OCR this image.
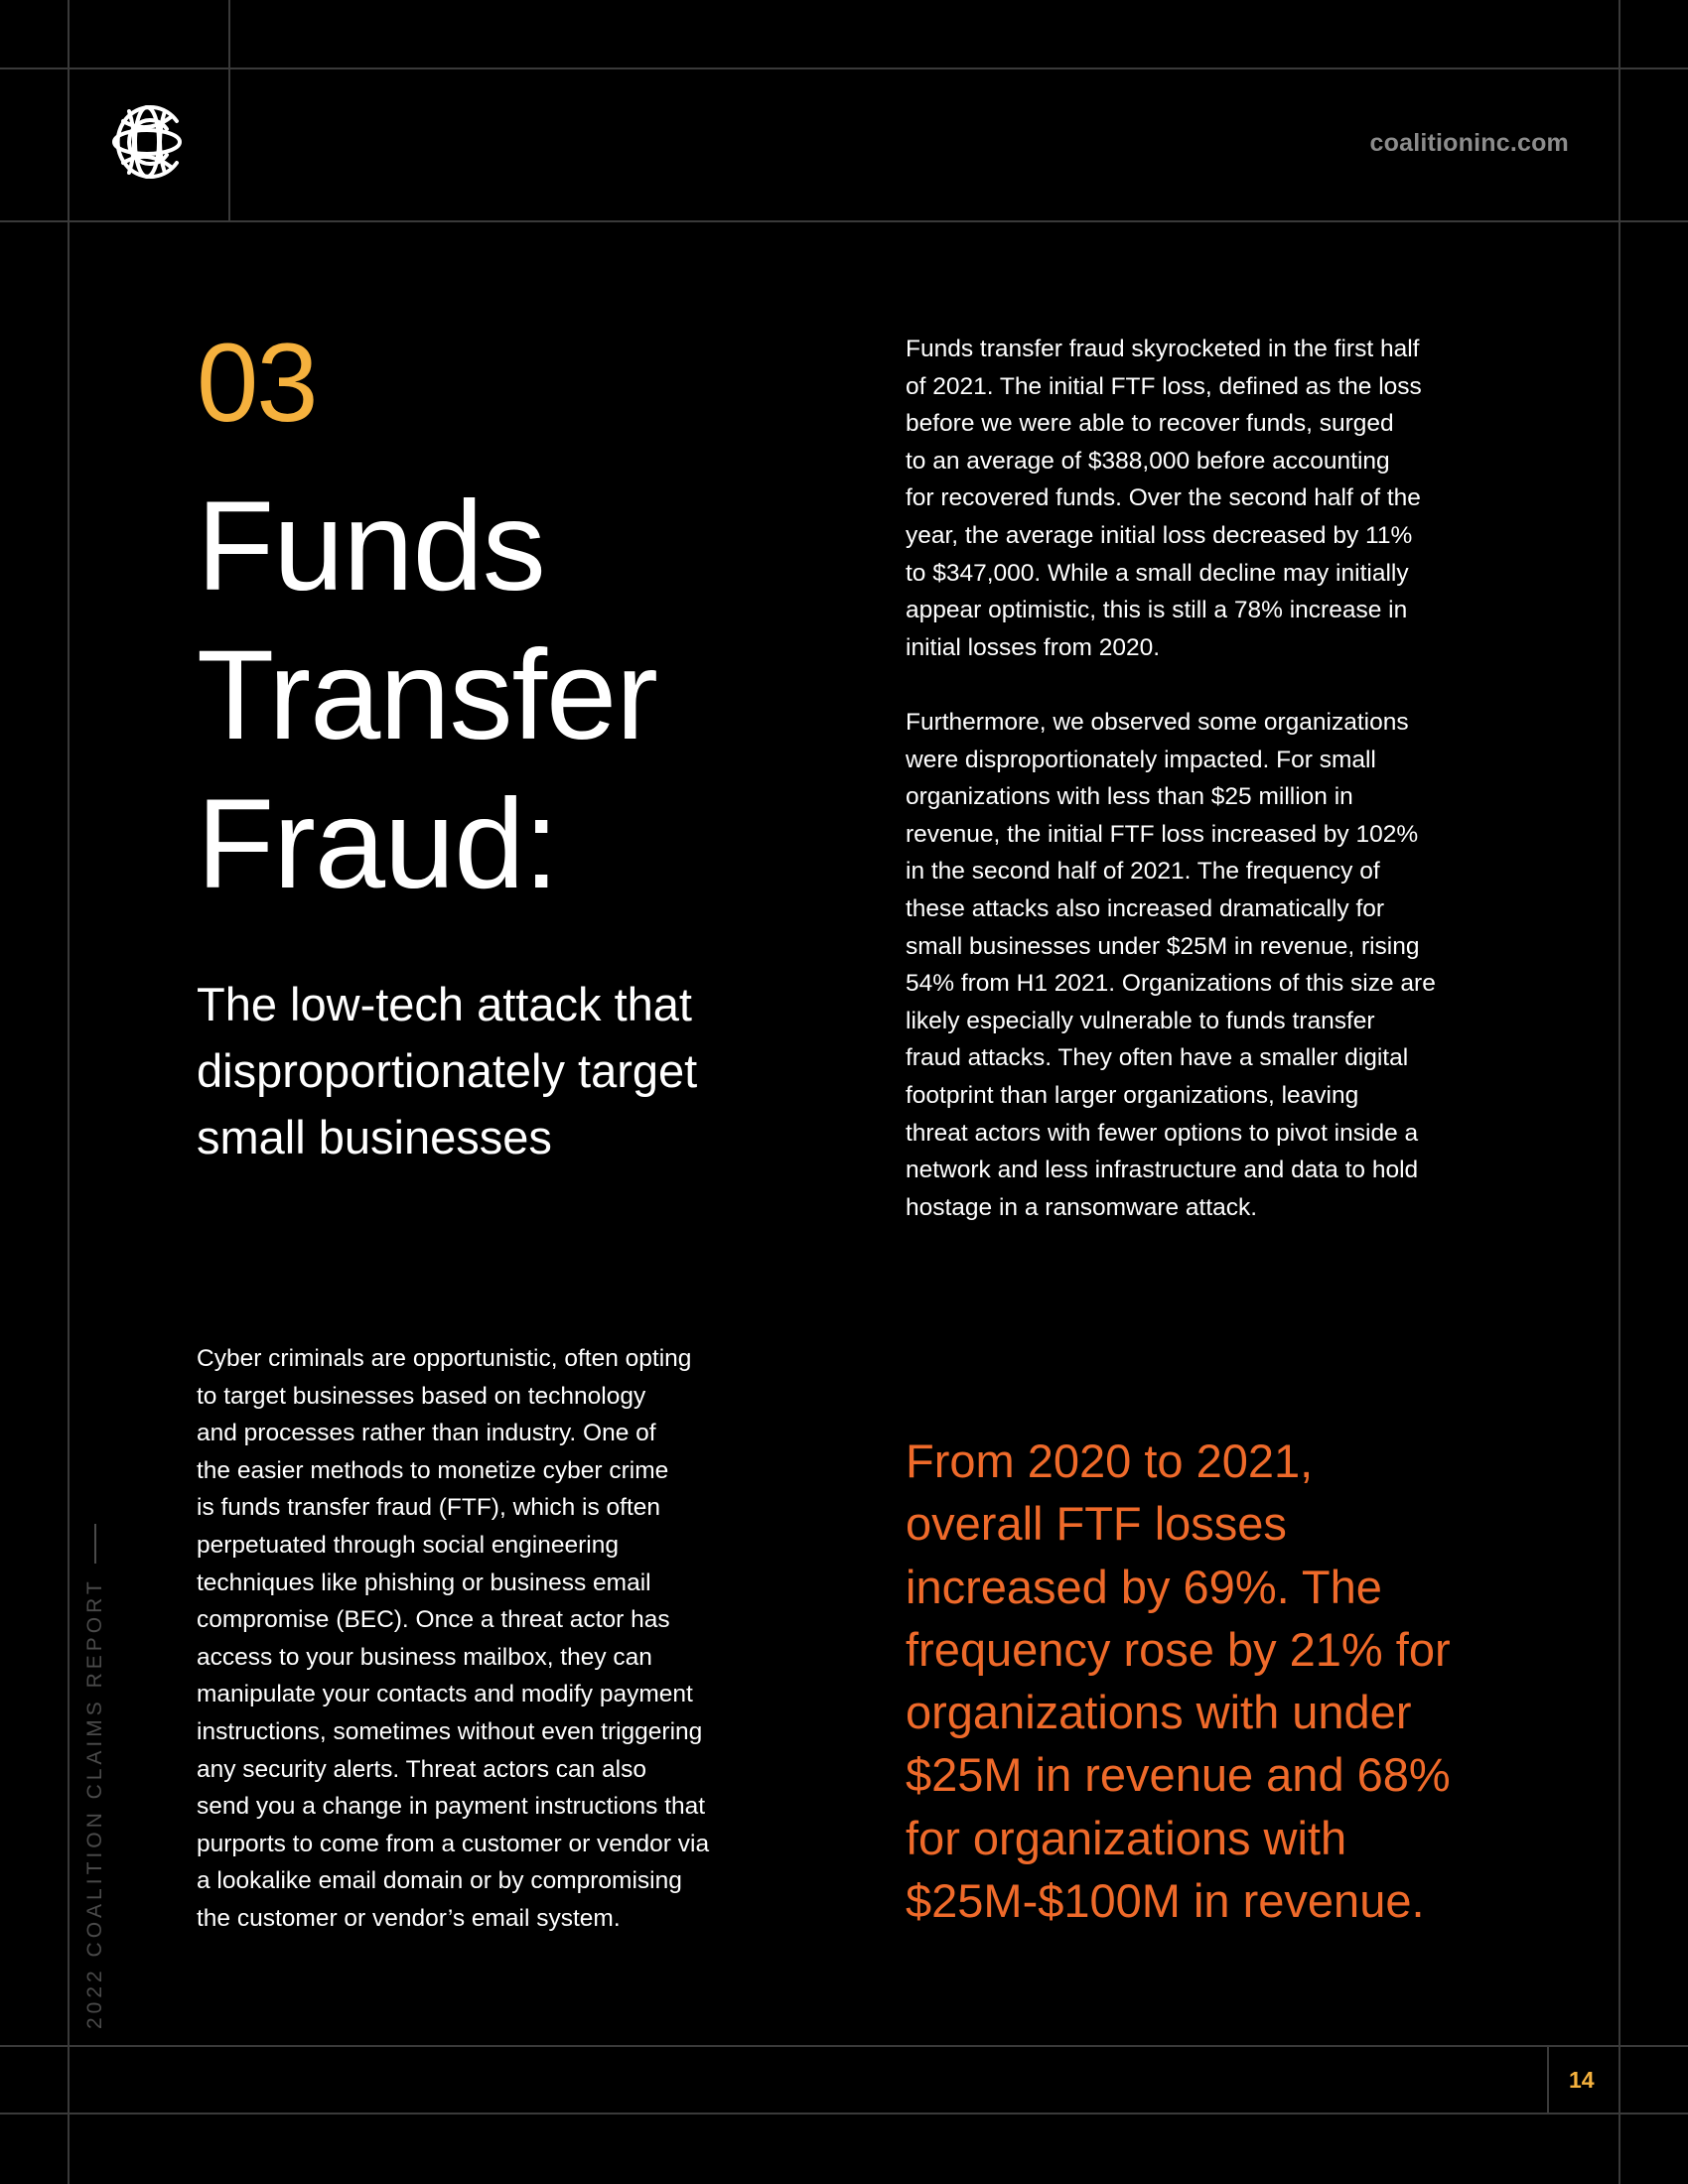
coalitioninc.com
03
Funds
Transfer
Fraud:
The low-tech attack that
disproportionately target
small businesses
Funds transfer fraud skyrocketed in the first half
of 2021. The initial FTF loss, defined as the loss
before we were able to recover funds, surged
to an average of $388,000 before accounting
for recovered funds. Over the second half of the
year, the average initial loss decreased by 11%
to $347,000. While a small decline may initially
appear optimistic, this is still a 78% increase in
initial losses from 2020.
Furthermore, we observed some organizations
were disproportionately impacted. For small
organizations with less than $25 million in
revenue, the initial FTF loss increased by 102%
in the second half of 2021. The frequency of
these attacks also increased dramatically for
small businesses under $25M in revenue, rising
54% from H1 2021. Organizations of this size are
likely especially vulnerable to funds transfer
fraud attacks. They often have a smaller digital
footprint than larger organizations, leaving
threat actors with fewer options to pivot inside a
network and less infrastructure and data to hold
hostage in a ransomware attack.
Cyber criminals are opportunistic, often opting
to target businesses based on technology
and processes rather than industry. One of
the easier methods to monetize cyber crime
is funds transfer fraud (FTF), which is often
perpetuated through social engineering
techniques like phishing or business email
compromise (BEC). Once a threat actor has
access to your business mailbox, they can
manipulate your contacts and modify payment
instructions, sometimes without even triggering
any security alerts. Threat actors can also
send you a change in payment instructions that
purports to come from a customer or vendor via
a lookalike email domain or by compromising
the customer or vendor’s email system.
From 2020 to 2021,
overall FTF losses
increased by 69%. The
frequency rose by 21% for
organizations with under
$25M in revenue and 68%
for organizations with
$25M-$100M in revenue.
2022 COALITION CLAIMS REPORT
14
